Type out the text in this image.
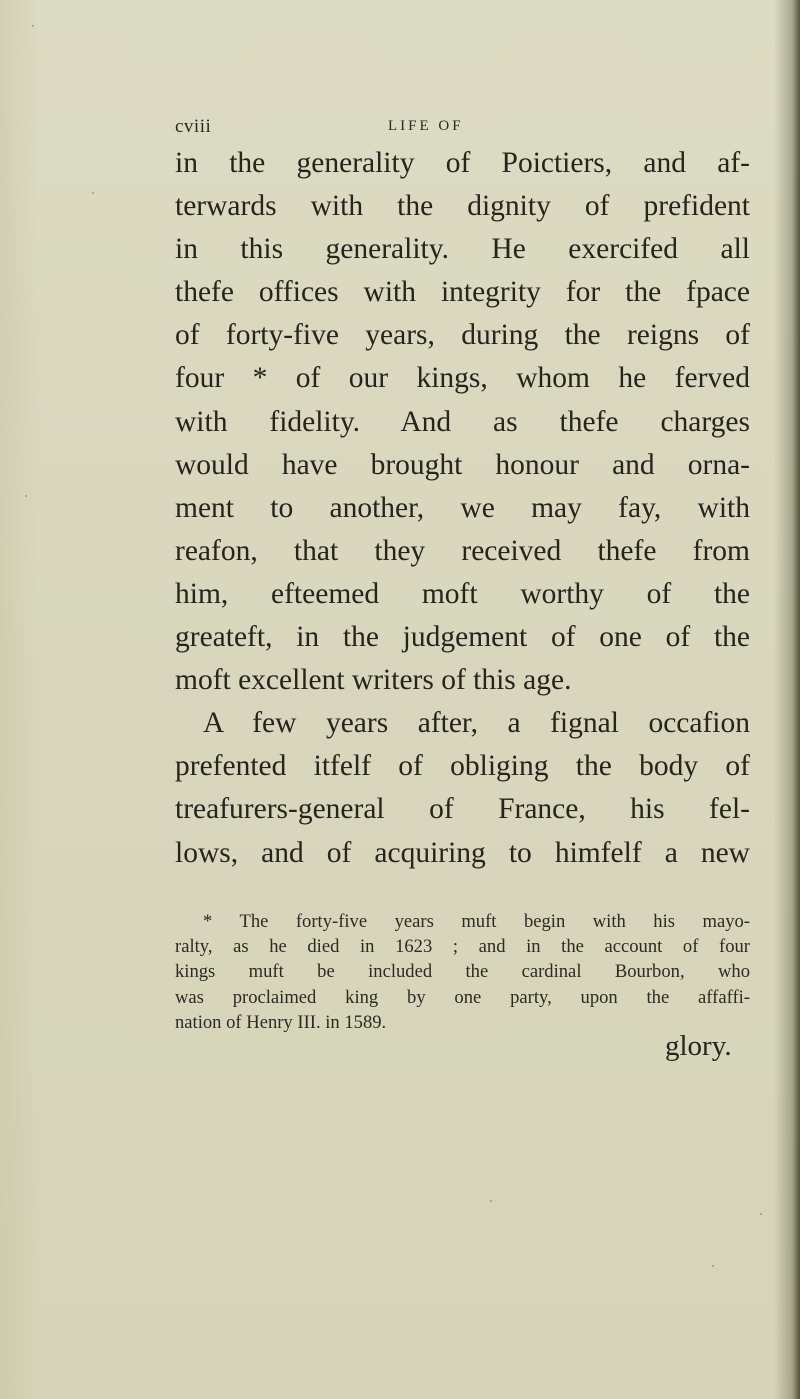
cviii	LIFE OF
in the generality of Poictiers, and af-
terwards with the dignity of prefident
in this generality. He exercifed all
thefe offices with integrity for the fpace
of forty-five years, during the reigns of
four * of our kings, whom he ferved
with fidelity. And as thefe charges
would have brought honour and orna-
ment to another, we may fay, with
reafon, that they received thefe from
him, efteemed moft worthy of the
greateft, in the judgement of one of the
moft excellent writers of this age.
A few years after, a fignal occafion
prefented itfelf of obliging the body of
treafurers-general of France, his fel-
lows, and of acquiring to himfelf a new
* The forty-five years muft begin with his mayo-
ralty, as he died in 1623 ; and in the account of four
kings muft be included the cardinal Bourbon, who
was proclaimed king by one party, upon the affaffi-
nation of Henry III. in 1589.
glory.
